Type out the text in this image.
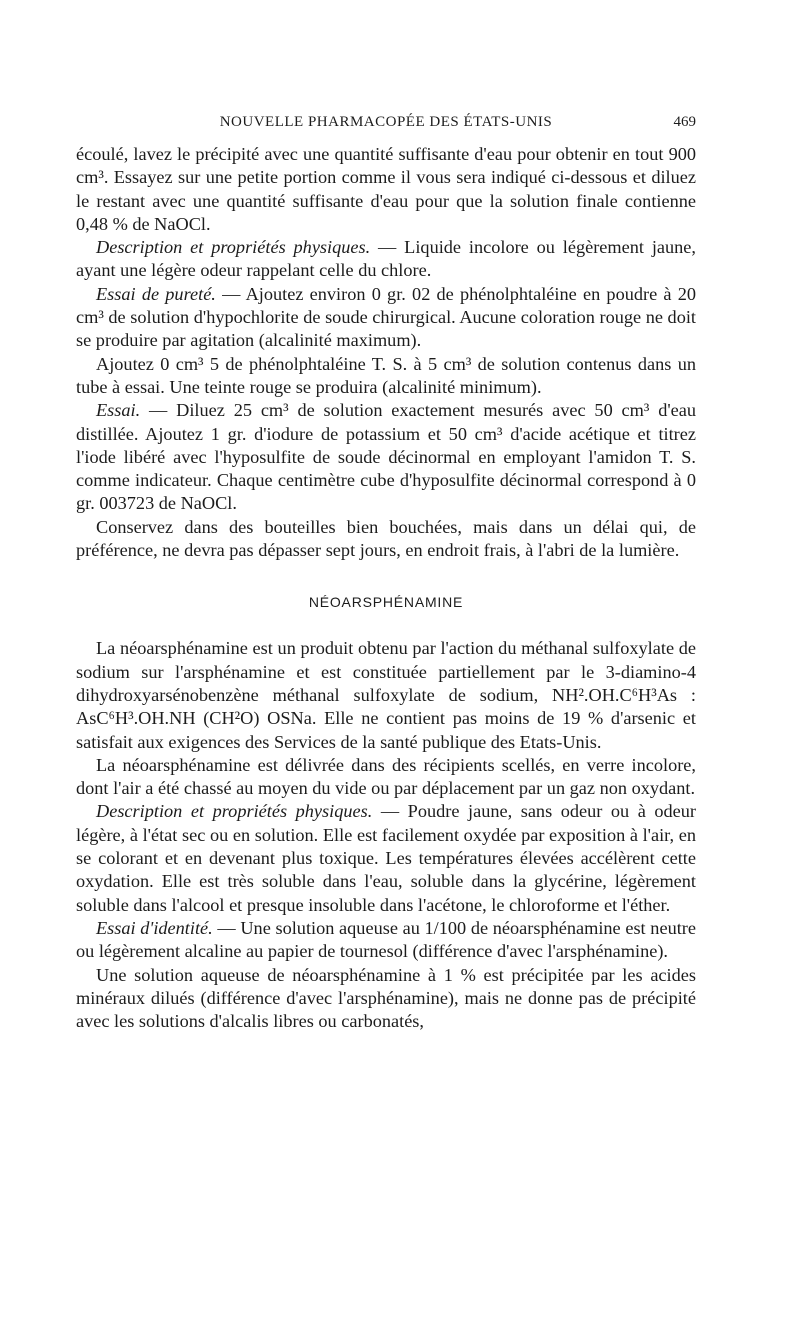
NOUVELLE PHARMACOPÉE DES ÉTATS-UNIS	469

écoulé, lavez le précipité avec une quantité suffisante d'eau pour obtenir en tout 900 cm³. Essayez sur une petite portion comme il vous sera indiqué ci-dessous et diluez le restant avec une quantité suffisante d'eau pour que la solution finale contienne 0,48 % de NaOCl.

Description et propriétés physiques. — Liquide incolore ou légèrement jaune, ayant une légère odeur rappelant celle du chlore.

Essai de pureté. — Ajoutez environ 0 gr. 02 de phénolphtaléine en poudre à 20 cm³ de solution d'hypochlorite de soude chirurgical. Aucune coloration rouge ne doit se produire par agitation (alcalinité maximum).

Ajoutez 0 cm³ 5 de phénolphtaléine T. S. à 5 cm³ de solution contenus dans un tube à essai. Une teinte rouge se produira (alcalinité minimum).

Essai. — Diluez 25 cm³ de solution exactement mesurés avec 50 cm³ d'eau distillée. Ajoutez 1 gr. d'iodure de potassium et 50 cm³ d'acide acétique et titrez l'iode libéré avec l'hyposulfite de soude décinormal en employant l'amidon T. S. comme indicateur. Chaque centimètre cube d'hyposulfite décinormal correspond à 0 gr. 003723 de NaOCl.

Conservez dans des bouteilles bien bouchées, mais dans un délai qui, de préférence, ne devra pas dépasser sept jours, en endroit frais, à l'abri de la lumière.

NÉOARSPHÉNAMINE

La néoarsphénamine est un produit obtenu par l'action du méthanal sulfoxylate de sodium sur l'arsphénamine et est constituée partiellement par le 3-diamino-4 dihydroxyarsénobenzène méthanal sulfoxylate de sodium, NH².OH.C⁶H³As : AsC⁶H³.OH.NH (CH²O) OSNa. Elle ne contient pas moins de 19 % d'arsenic et satisfait aux exigences des Services de la santé publique des Etats-Unis.

La néoarsphénamine est délivrée dans des récipients scellés, en verre incolore, dont l'air a été chassé au moyen du vide ou par déplacement par un gaz non oxydant.

Description et propriétés physiques. — Poudre jaune, sans odeur ou à odeur légère, à l'état sec ou en solution. Elle est facilement oxydée par exposition à l'air, en se colorant et en devenant plus toxique. Les températures élevées accélèrent cette oxydation. Elle est très soluble dans l'eau, soluble dans la glycérine, légèrement soluble dans l'alcool et presque insoluble dans l'acétone, le chloroforme et l'éther.

Essai d'identité. — Une solution aqueuse au 1/100 de néoarsphénamine est neutre ou légèrement alcaline au papier de tournesol (différence d'avec l'arsphénamine).

Une solution aqueuse de néoarsphénamine à 1 % est précipitée par les acides minéraux dilués (différence d'avec l'arsphénamine), mais ne donne pas de précipité avec les solutions d'alcalis libres ou carbonatés,
